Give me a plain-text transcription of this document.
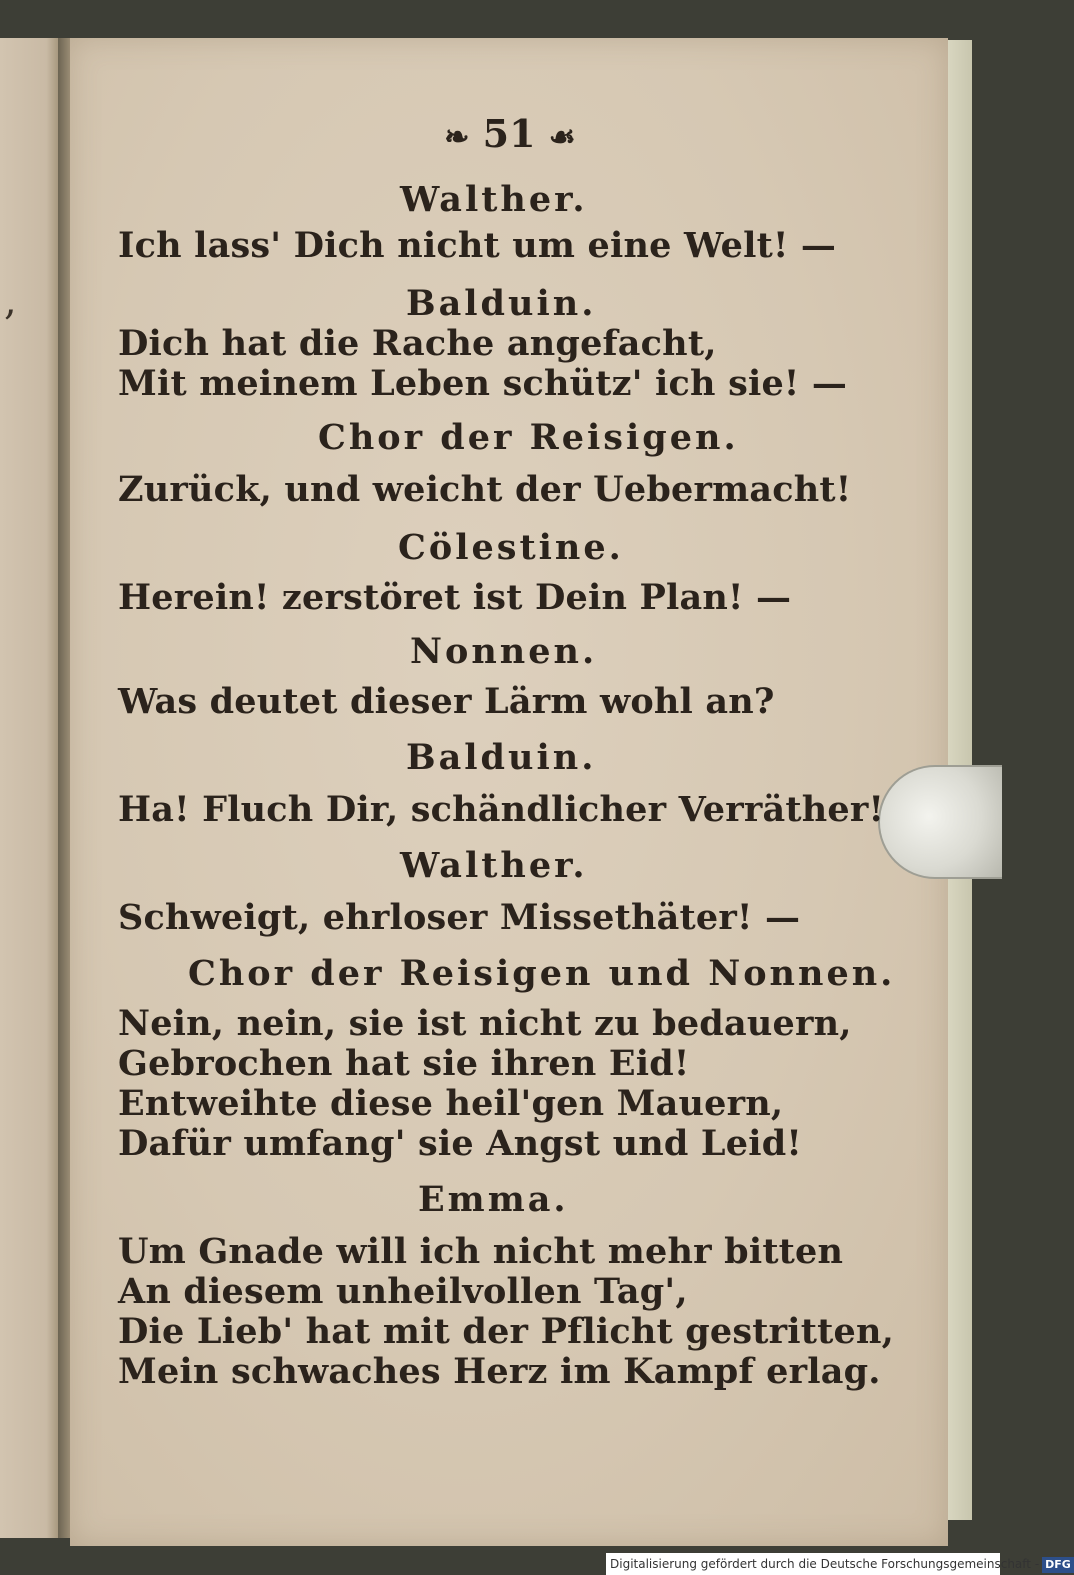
,
❧ 51 ☙
Walther.
Ich lass' Dich nicht um eine Welt! —
Balduin.
Dich hat die Rache angefacht,
Mit meinem Leben schütz' ich sie! —
Chor der Reisigen.
Zurück, und weicht der Uebermacht!
Cölestine.
Herein! zerstöret ist Dein Plan! —
Nonnen.
Was deutet dieser Lärm wohl an?
Balduin.
Ha! Fluch Dir, schändlicher Verräther!
Walther.
Schweigt, ehrloser Missethäter! —
Chor der Reisigen und Nonnen.
Nein, nein, sie ist nicht zu bedauern,
Gebrochen hat sie ihren Eid!
Entweihte diese heil'gen Mauern,
Dafür umfang' sie Angst und Leid!
Emma.
Um Gnade will ich nicht mehr bitten
An diesem unheilvollen Tag',
Die Lieb' hat mit der Pflicht gestritten,
Mein schwaches Herz im Kampf erlag.
Digitalisierung gefördert durch die Deutsche Forschungsgemeinschaft - DFG
